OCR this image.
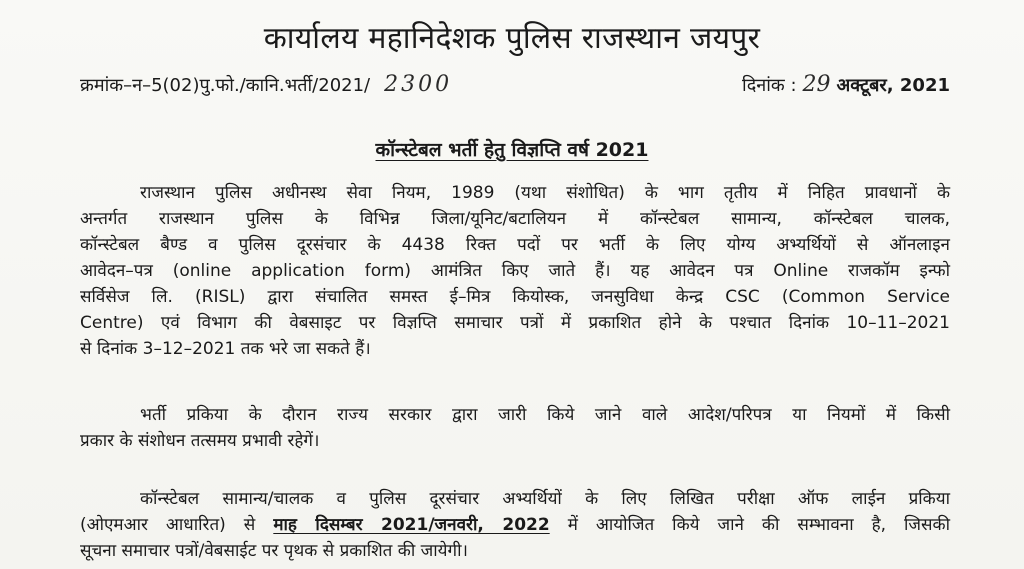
कार्यालय महानिदेशक पुलिस राजस्थान जयपुर
क्रमांक–न–5(02)पु.फो./कानि.भर्ती/2021/ 2300	दिनांक : 29 अक्टूबर, 2021
कॉन्स्टेबल भर्ती हेतु विज्ञप्ति वर्ष 2021
राजस्थान पुलिस अधीनस्थ सेवा नियम, 1989 (यथा संशोधित) के भाग तृतीय में निहित प्रावधानों के
अन्तर्गत राजस्थान पुलिस के विभिन्न जिला/यूनिट/बटालियन में कॉन्स्टेबल सामान्य, कॉन्स्टेबल चालक,
कॉन्स्टेबल बैण्ड व पुलिस दूरसंचार के 4438 रिक्त पदों पर भर्ती के लिए योग्य अभ्यर्थियों से ऑनलाइन
आवेदन–पत्र (online application form) आमंत्रित किए जाते हैं। यह आवेदन पत्र Online राजकॉम इन्फो
सर्विसेज लि. (RISL) द्वारा संचालित समस्त ई–मित्र कियोस्क, जनसुविधा केन्द्र CSC (Common Service
Centre) एवं विभाग की वेबसाइट पर विज्ञप्ति समाचार पत्रों में प्रकाशित होने के पश्चात दिनांक 10–11–2021
से दिनांक 3–12–2021 तक भरे जा सकते हैं।
भर्ती प्रकिया के दौरान राज्य सरकार द्वारा जारी किये जाने वाले आदेश/परिपत्र या नियमों में किसी
प्रकार के संशोधन तत्समय प्रभावी रहेगें।
कॉन्स्टेबल सामान्य/चालक व पुलिस दूरसंचार अभ्यर्थियों के लिए लिखित परीक्षा ऑफ लाईन प्रकिया
(ओएमआर आधारित) से माह दिसम्बर 2021/जनवरी, 2022 में आयोजित किये जाने की सम्भावना है, जिसकी
सूचना समाचार पत्रों/वेबसाईट पर पृथक से प्रकाशित की जायेगी।
